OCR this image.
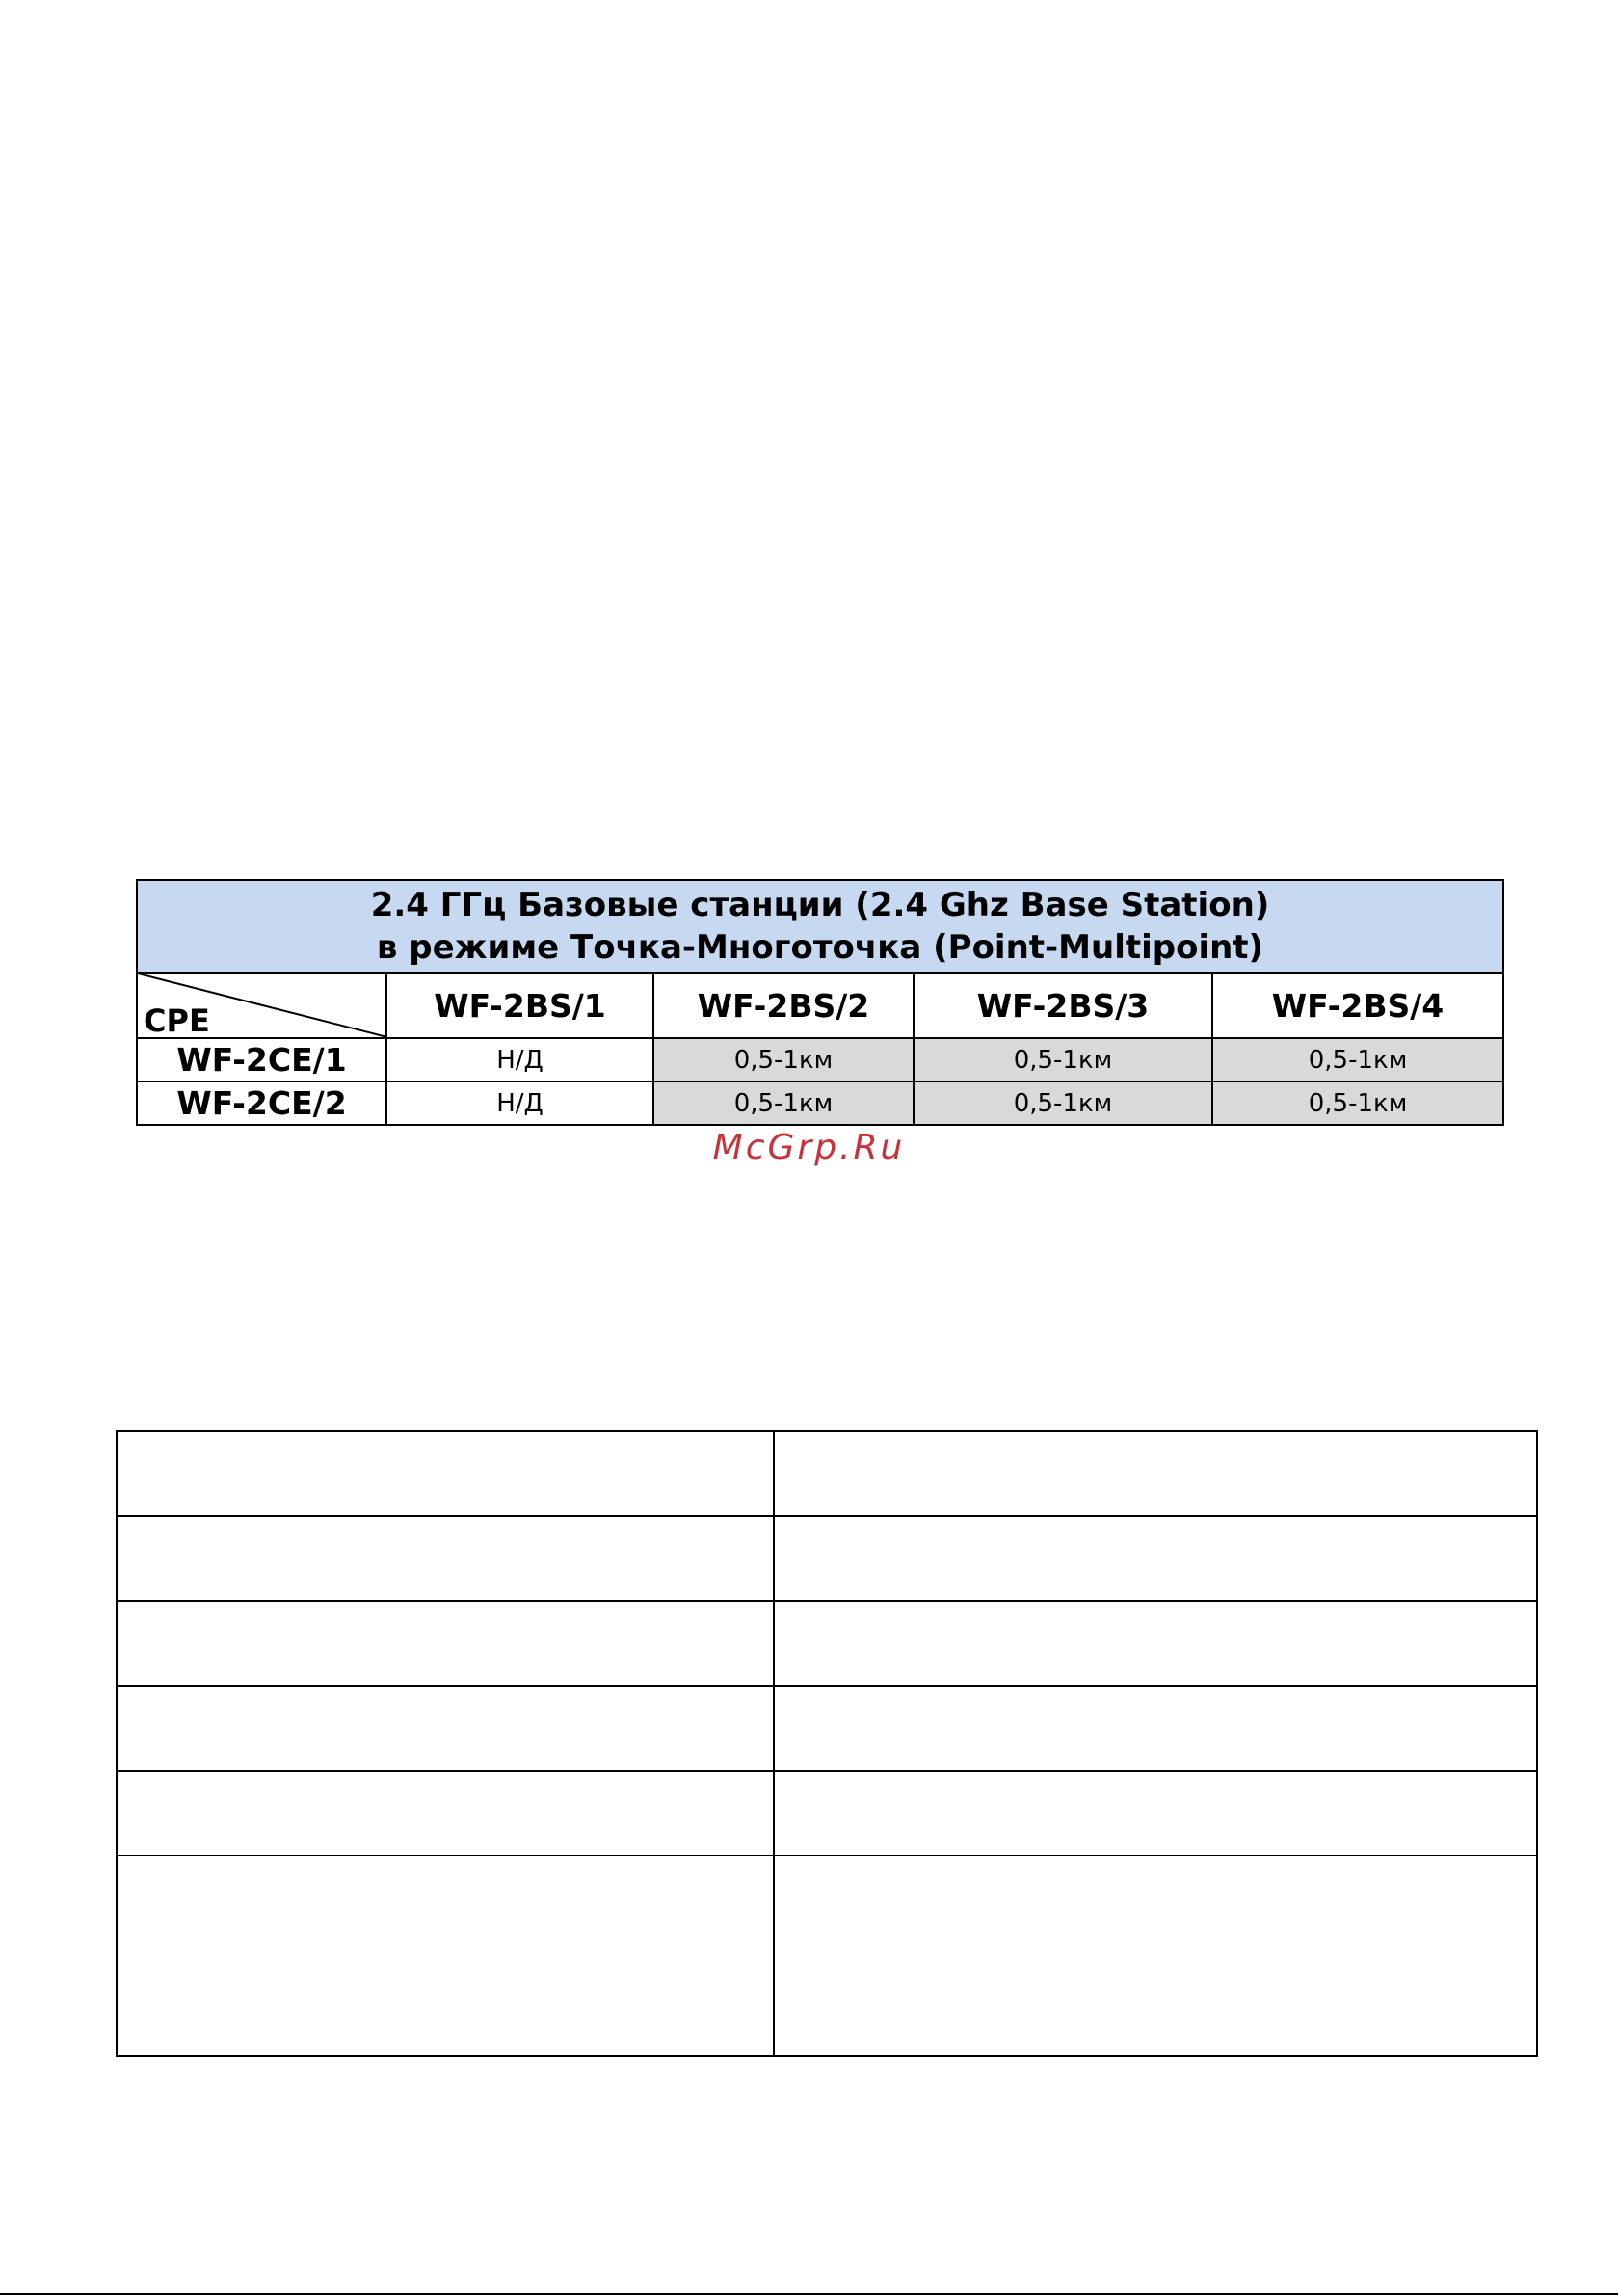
2.4 ГГц Базовые станции (2.4 Ghz Base Station)
в режиме Точка-Многоточка (Point-Multipoint)				

CPE	WF-2BS/1	WF-2BS/2	WF-2BS/3	WF-2BS/4
WF-2CE/1	Н/Д	0,5-1км	0,5-1км	0,5-1км
WF-2CE/2	Н/Д	0,5-1км	0,5-1км	0,5-1км
McGrp.Ru
